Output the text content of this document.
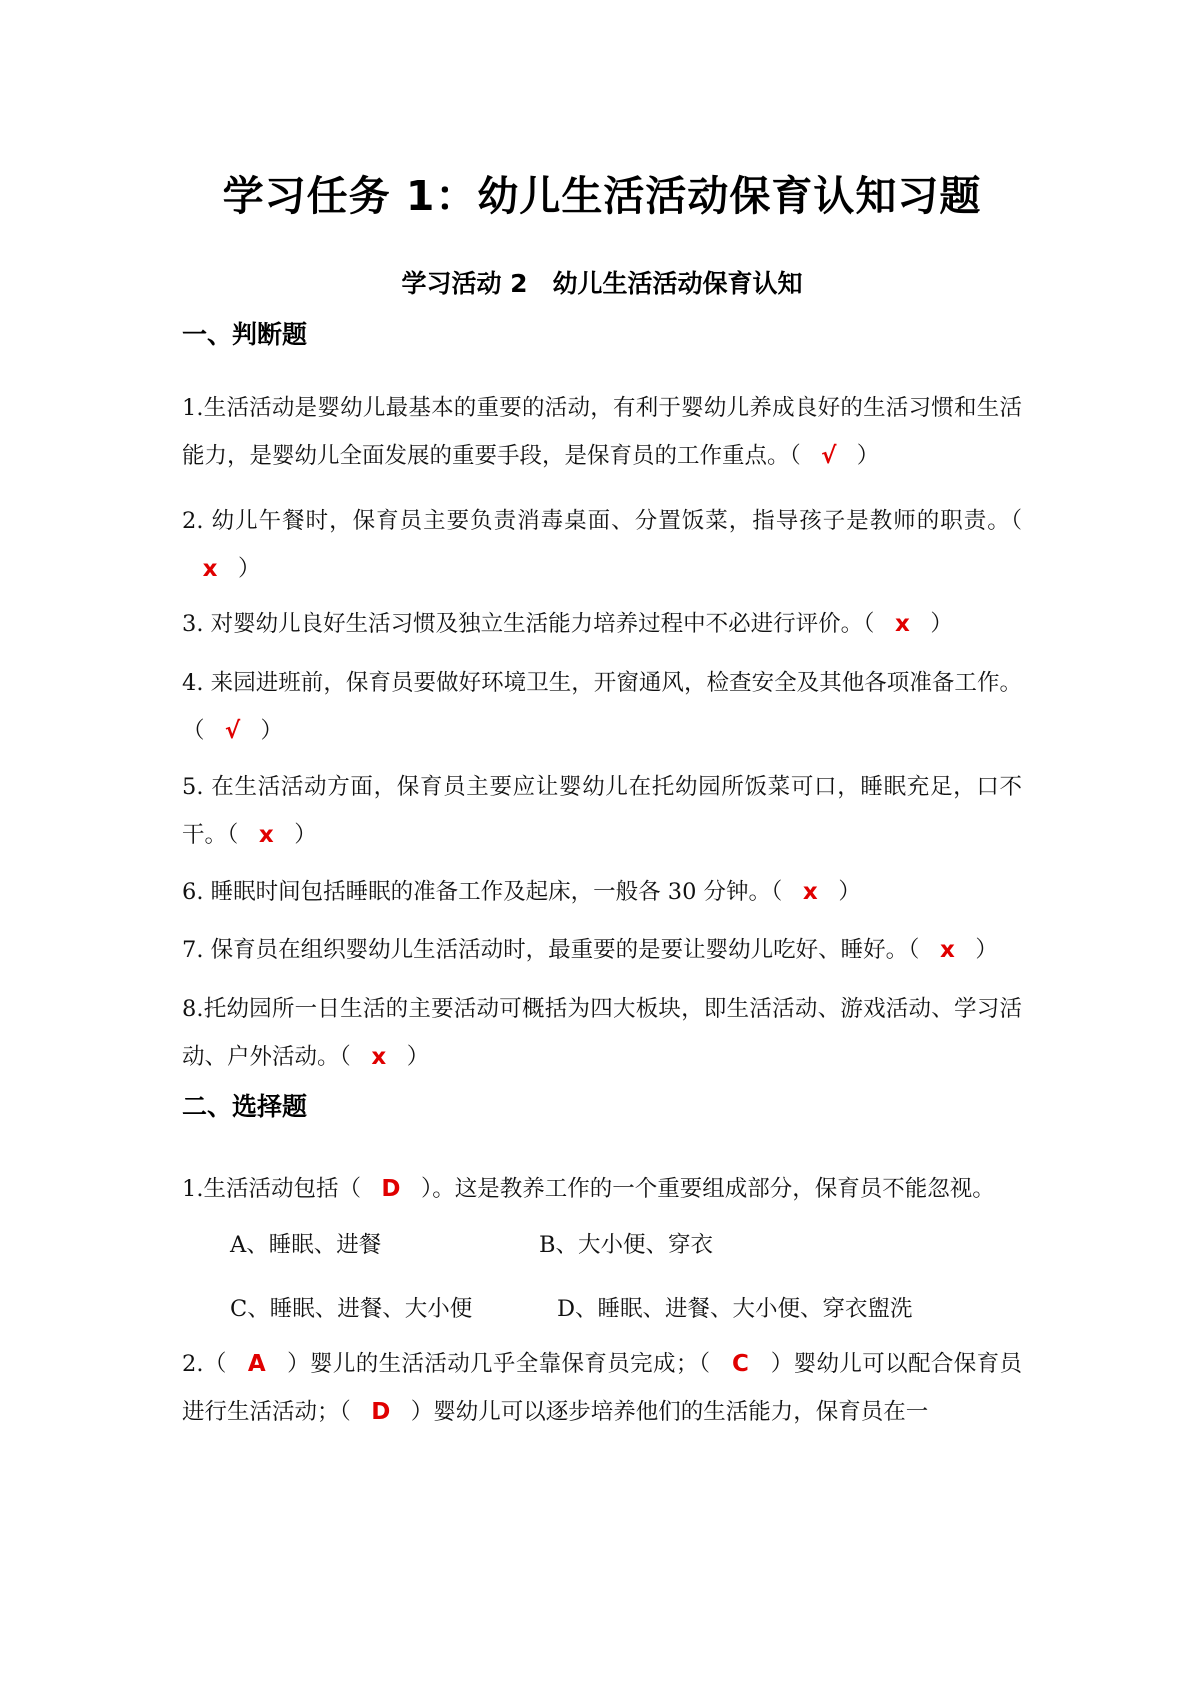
学习任务 1：幼儿生活活动保育认知习题
学习活动 2　幼儿生活活动保育认知
一、判断题
1.生活活动是婴幼儿最基本的重要的活动，有利于婴幼儿养成良好的生活习惯和生活能力，是婴幼儿全面发展的重要手段，是保育员的工作重点。（ √ ）
2. 幼儿午餐时，保育员主要负责消毒桌面、分置饭菜，指导孩子是教师的职责。（x ）
3. 对婴幼儿良好生活习惯及独立生活能力培养过程中不必进行评价。（ x ）
4. 来园进班前，保育员要做好环境卫生，开窗通风，检查安全及其他各项准备工作。（ √ ）
5. 在生活活动方面，保育员主要应让婴幼儿在托幼园所饭菜可口，睡眠充足，口不干。（ x ）
6. 睡眠时间包括睡眠的准备工作及起床，一般各 30 分钟。（ x ）
7. 保育员在组织婴幼儿生活活动时，最重要的是要让婴幼儿吃好、睡好。（ x ）
8.托幼园所一日生活的主要活动可概括为四大板块，即生活活动、游戏活动、学习活动、户外活动。（ x ）
二、选择题
1.生活活动包括（ D ）。这是教养工作的一个重要组成部分，保育员不能忽视。
A、睡眠、进餐	B、大小便、穿衣
C、睡眠、进餐、大小便	D、睡眠、进餐、大小便、穿衣盥洗
2.（ A ）婴儿的生活活动几乎全靠保育员完成；（ C ）婴幼儿可以配合保育员进行生活活动；（ D ）婴幼儿可以逐步培养他们的生活能力，保育员在一
